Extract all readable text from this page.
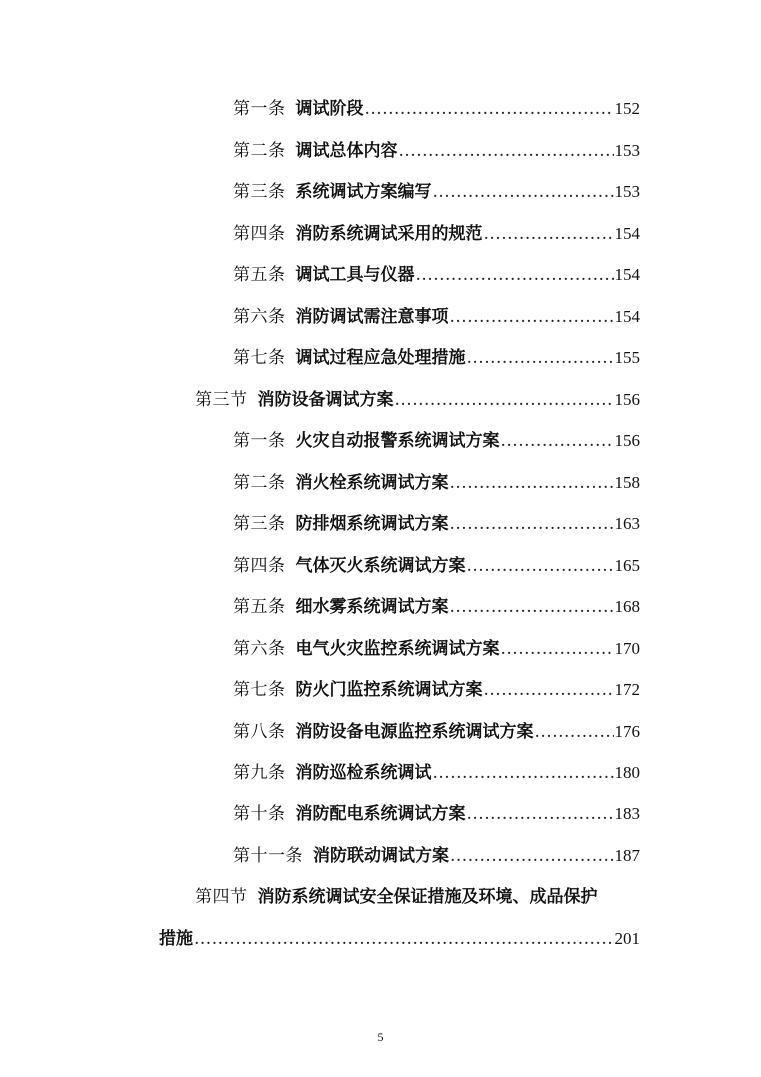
第一条 调试阶段 .....	152
第二条 调试总体内容 .....	153
第三条 系统调试方案编写 .....	153
第四条 消防系统调试采用的规范 .....	154
第五条 调试工具与仪器 .....	154
第六条 消防调试需注意事项 .....	154
第七条 调试过程应急处理措施 .....	155
第三节 消防设备调试方案 .....	156
第一条 火灾自动报警系统调试方案 .....	156
第二条 消火栓系统调试方案 .....	158
第三条 防排烟系统调试方案 .....	163
第四条 气体灭火系统调试方案 .....	165
第五条 细水雾系统调试方案 .....	168
第六条 电气火灾监控系统调试方案 .....	170
第七条 防火门监控系统调试方案 .....	172
第八条 消防设备电源监控系统调试方案 .....	176
第九条 消防巡检系统调试 .....	180
第十条 消防配电系统调试方案 .....	183
第十一条 消防联动调试方案 .....	187
第四节 消防系统调试安全保证措施及环境、成品保护
措施 .....	201
5
